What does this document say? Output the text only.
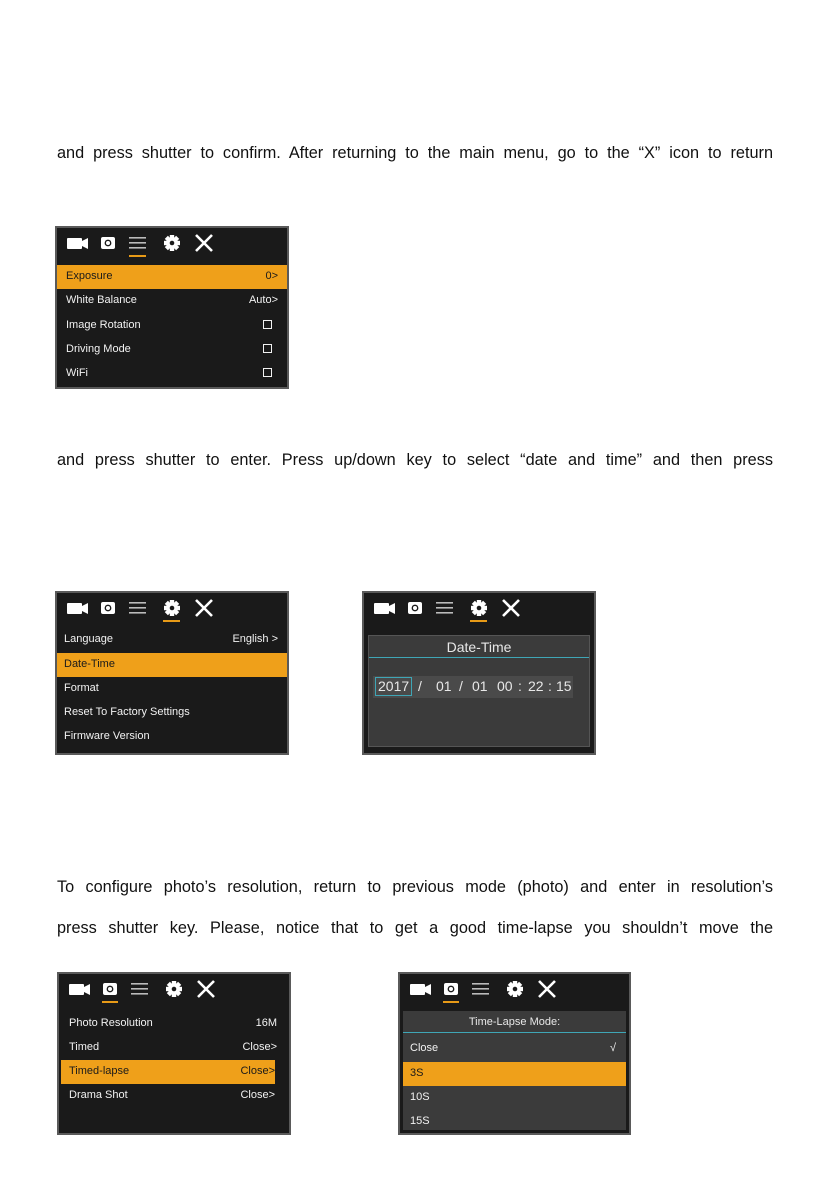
and press shutter to confirm. After returning to the main menu, go to the “X” icon to return
and press shutter to enter. Press up/down key to select “date and time” and then press
To configure photo’s resolution, return to previous mode (photo) and enter in resolution’s
press shutter key. Please, notice that to get a good time-lapse you shouldn’t move the
Exposure	0>
White Balance	Auto>
Image Rotation
Driving Mode
WiFi
Language	English >
Date-Time
Format
Reset To Factory Settings
Firmware Version
Date-Time
2017 / 01 / 01 00 : 22 : 15
Photo Resolution	16M
Timed	Close>
Timed-lapse	Close>
Drama Shot	Close>
Time-Lapse Mode:
Close	√
3S
10S
15S
